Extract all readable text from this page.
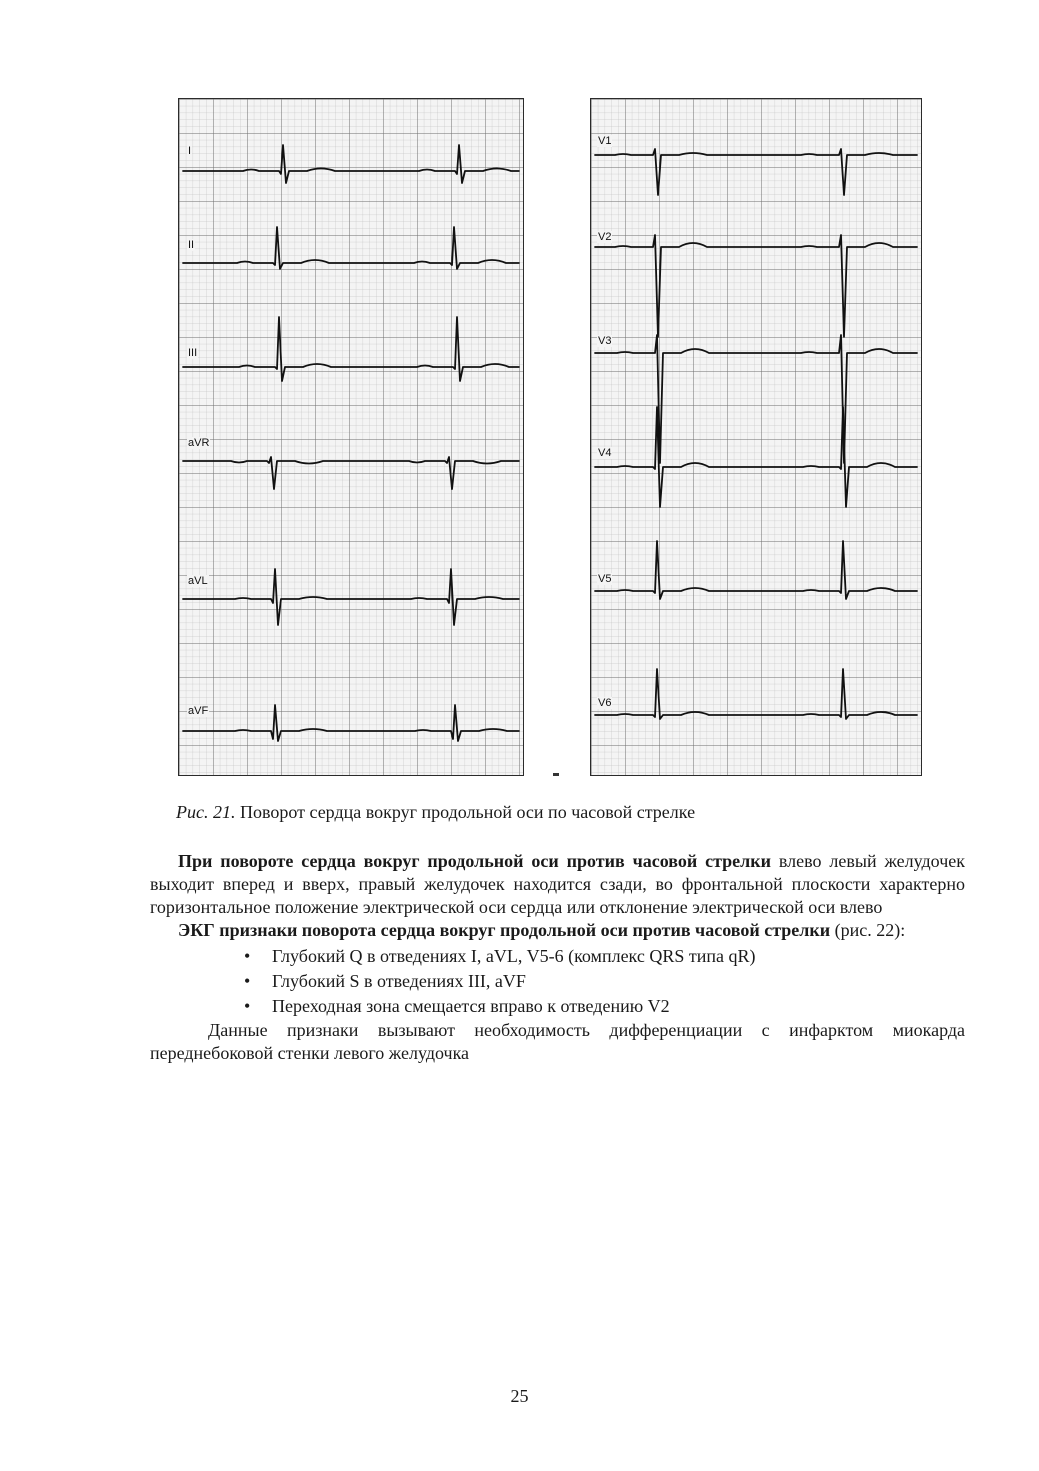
I
II
III
aVR
aVL
aVF
V1
V2
V3
V4
V5
V6
Рис. 21. Поворот сердца вокруг продольной оси по часовой стрелке

При повороте сердца вокруг продольной оси против часовой стрелки влево левый желудочек выходит вперед и вверх, правый желудочек находится сзади, во фронтальной плоскости характерно горизонтальное положение электрической оси сердца или отклонение электрической оси влево

ЭКГ признаки поворота сердца вокруг продольной оси против часовой стрелки (рис. 22):

• Глубокий Q в отведениях I, aVL, V5-6 (комплекс QRS типа qR)
• Глубокий S в отведениях III, aVF
• Переходная зона смещается вправо к отведению V2

Данные признаки вызывают необходимость дифференциации с инфарктом миокарда переднебоковой стенки левого желудочка

25
